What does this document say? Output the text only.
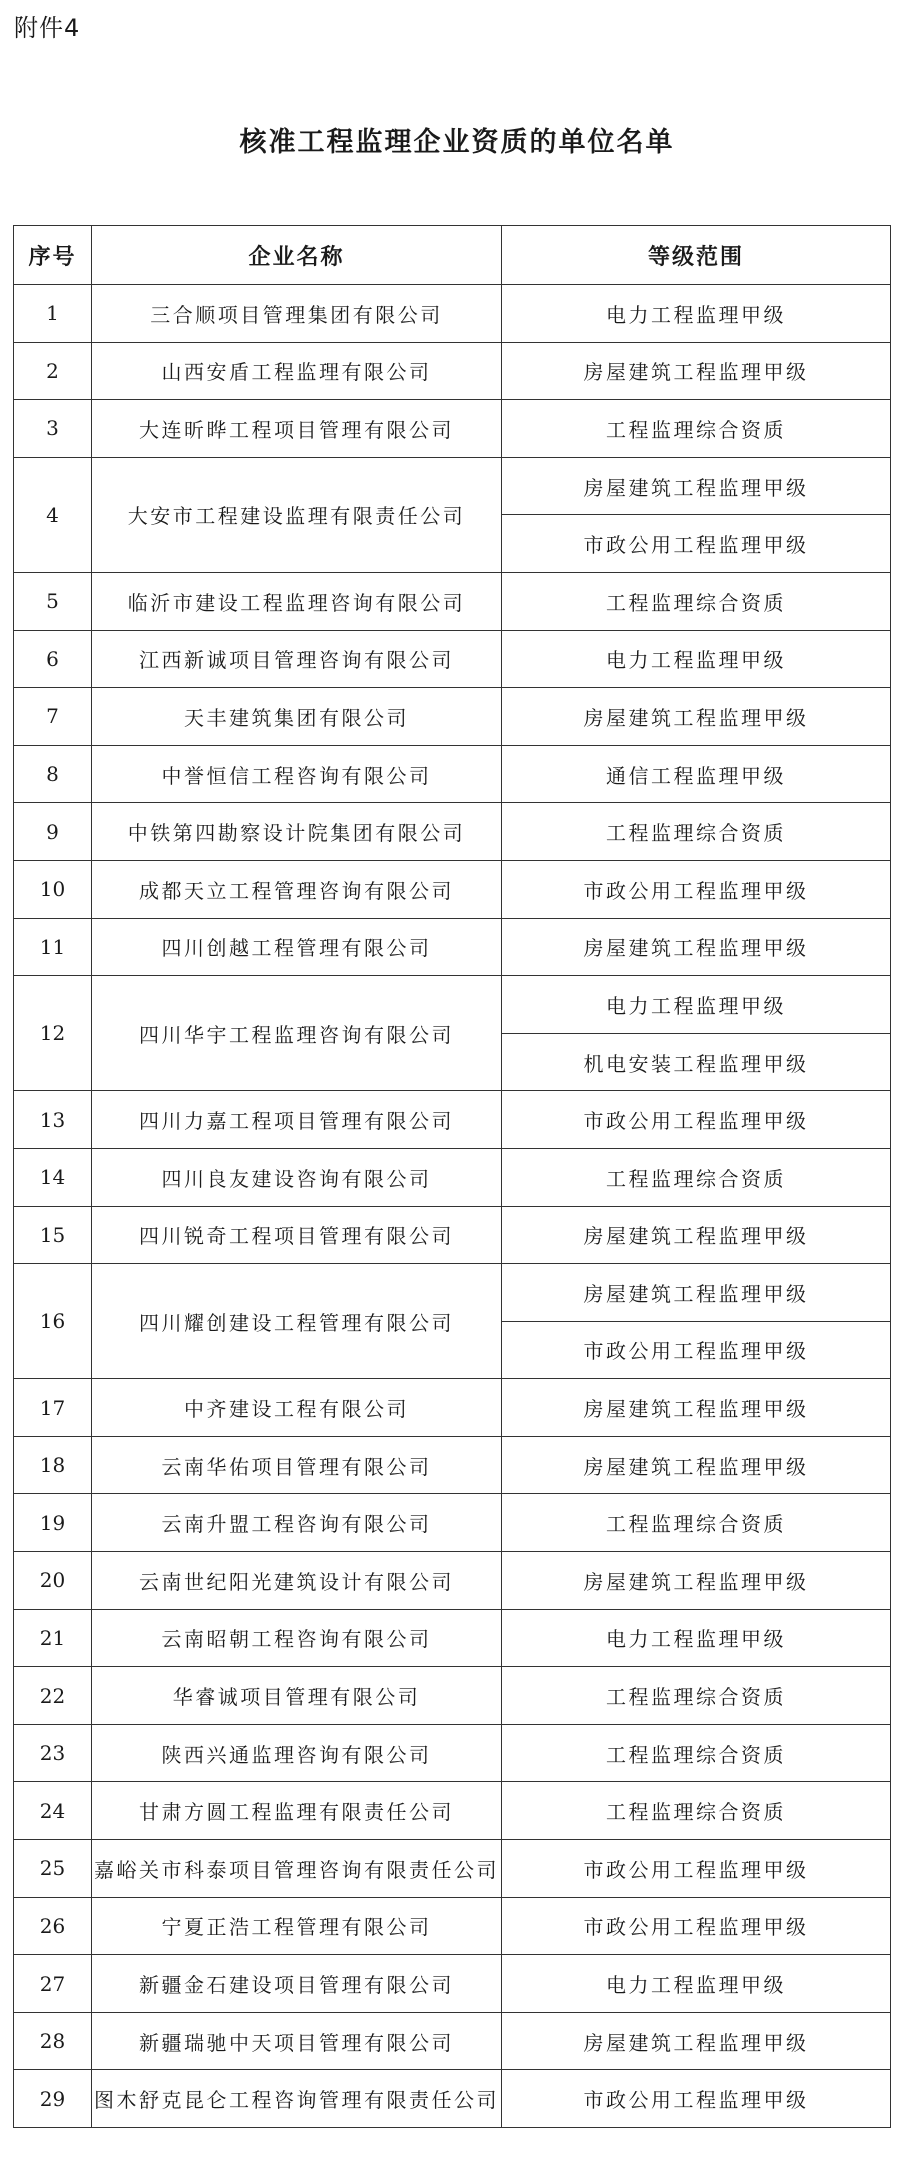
附件4
核准工程监理企业资质的单位名单
序号	企业名称	等级范围
1	三合顺项目管理集团有限公司	电力工程监理甲级
2	山西安盾工程监理有限公司	房屋建筑工程监理甲级
3	大连昕晔工程项目管理有限公司	工程监理综合资质
4	大安市工程建设监理有限责任公司	房屋建筑工程监理甲级
		市政公用工程监理甲级
5	临沂市建设工程监理咨询有限公司	工程监理综合资质
6	江西新诚项目管理咨询有限公司	电力工程监理甲级
7	天丰建筑集团有限公司	房屋建筑工程监理甲级
8	中誉恒信工程咨询有限公司	通信工程监理甲级
9	中铁第四勘察设计院集团有限公司	工程监理综合资质
10	成都天立工程管理咨询有限公司	市政公用工程监理甲级
11	四川创越工程管理有限公司	房屋建筑工程监理甲级
12	四川华宇工程监理咨询有限公司	电力工程监理甲级
		机电安装工程监理甲级
13	四川力嘉工程项目管理有限公司	市政公用工程监理甲级
14	四川良友建设咨询有限公司	工程监理综合资质
15	四川锐奇工程项目管理有限公司	房屋建筑工程监理甲级
16	四川耀创建设工程管理有限公司	房屋建筑工程监理甲级
		市政公用工程监理甲级
17	中齐建设工程有限公司	房屋建筑工程监理甲级
18	云南华佑项目管理有限公司	房屋建筑工程监理甲级
19	云南升盟工程咨询有限公司	工程监理综合资质
20	云南世纪阳光建筑设计有限公司	房屋建筑工程监理甲级
21	云南昭朝工程咨询有限公司	电力工程监理甲级
22	华睿诚项目管理有限公司	工程监理综合资质
23	陕西兴通监理咨询有限公司	工程监理综合资质
24	甘肃方圆工程监理有限责任公司	工程监理综合资质
25	嘉峪关市科泰项目管理咨询有限责任公司	市政公用工程监理甲级
26	宁夏正浩工程管理有限公司	市政公用工程监理甲级
27	新疆金石建设项目管理有限公司	电力工程监理甲级
28	新疆瑞驰中天项目管理有限公司	房屋建筑工程监理甲级
29	图木舒克昆仑工程咨询管理有限责任公司	市政公用工程监理甲级
